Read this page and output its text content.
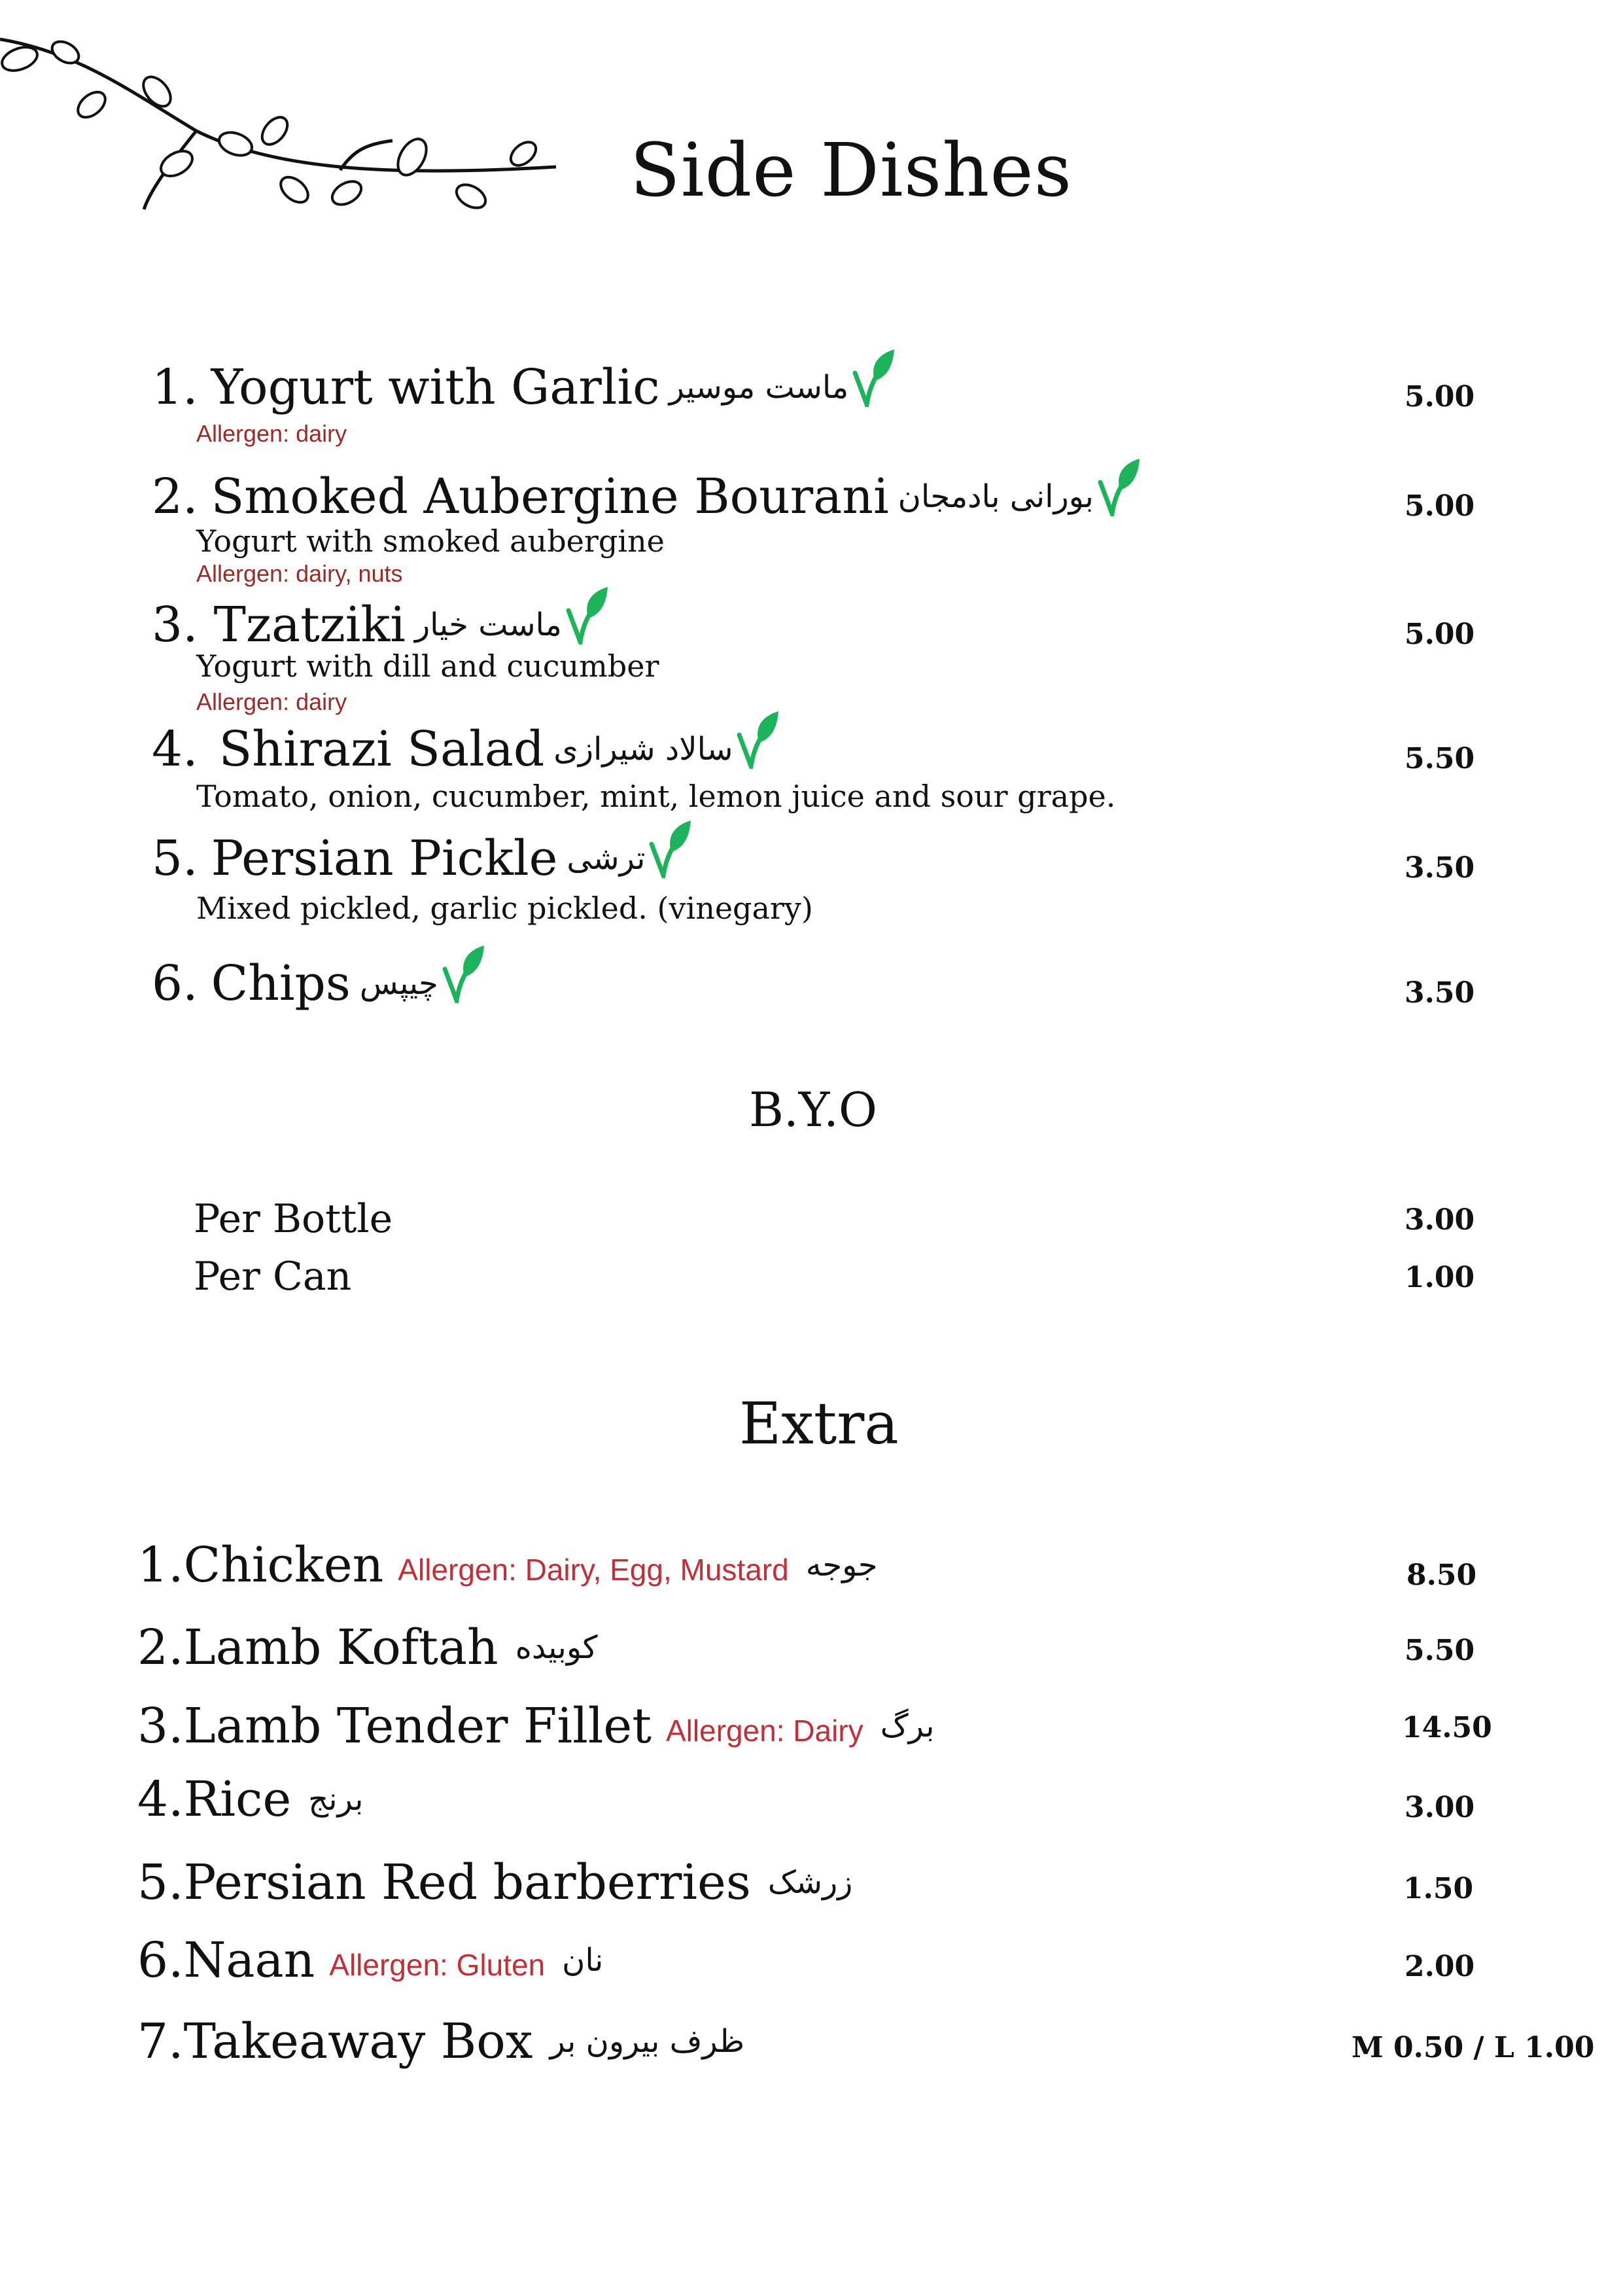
Side Dishes
1. Yogurt with Garlic ماست موسیر	5.00
Allergen: dairy
2. Smoked Aubergine Bourani بورانی بادمجان	5.00
Yogurt with smoked aubergine
Allergen: dairy, nuts
3. Tzatziki ماست خیار	5.00
Yogurt with dill and cucumber
Allergen: dairy
4. Shirazi Salad سالاد شیرازی	5.50
Tomato, onion, cucumber, mint, lemon juice and sour grape.
5. Persian Pickle ترشی	3.50
Mixed pickled, garlic pickled. (vinegary)
6. Chips چیپس	3.50
B.Y.O
Per Bottle	3.00
Per Can	1.00
Extra
1. Chicken Allergen: Dairy, Egg, Mustard جوجه	8.50
2. Lamb Koftah کوبیده	5.50
3. Lamb Tender Fillet Allergen: Dairy برگ	14.50
4. Rice برنج	3.00
5. Persian Red barberries زرشک	1.50
6. Naan Allergen: Gluten نان	2.00
7. Takeaway Box ظرف بیرون بر	M 0.50 / L 1.00
